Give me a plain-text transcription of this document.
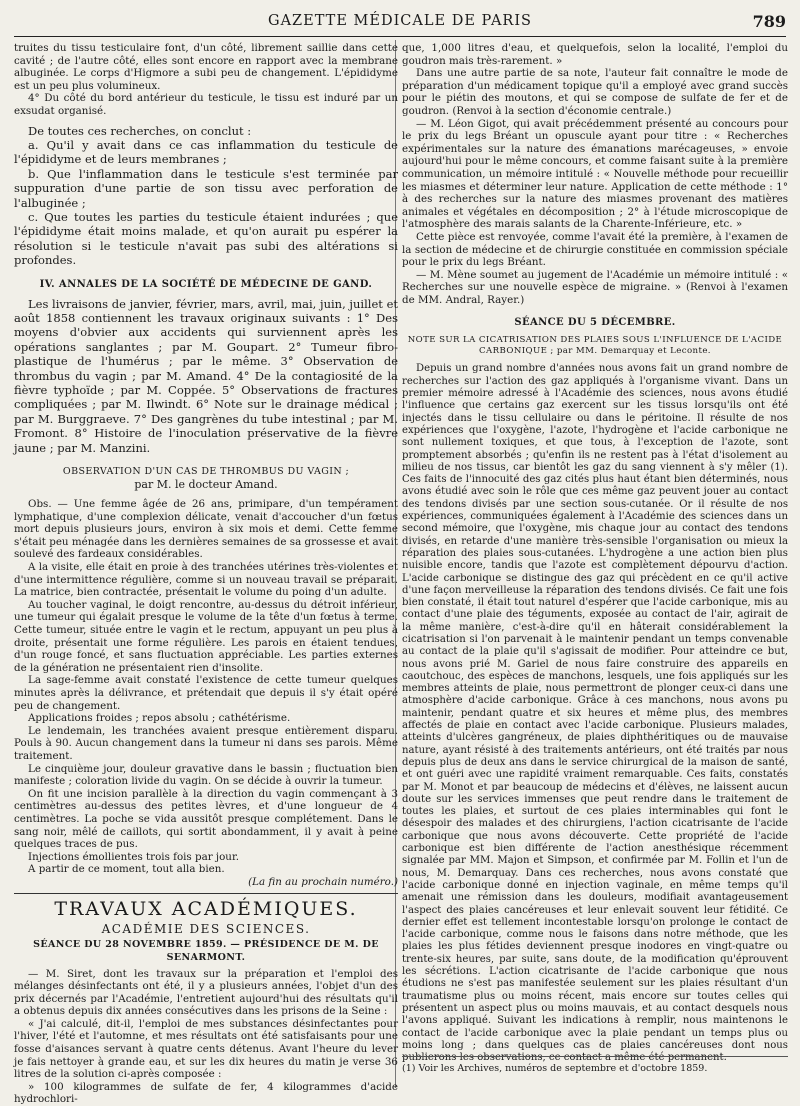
GAZETTE MÉDICALE DE PARIS	789

truites du tissu testiculaire font, d'un côté, librement saillie dans cette cavité ; de l'autre côté, elles sont encore en rapport avec la membrane albuginée. Le corps d'Higmore a subi peu de changement. L'épididyme est un peu plus volumineux.

4° Du côté du bord antérieur du testicule, le tissu est induré par un exsudat organisé.

De toutes ces recherches, on conclut :

a. Qu'il y avait dans ce cas inflammation du testicule de l'épididyme et de leurs membranes ;

b. Que l'inflammation dans le testicule s'est terminée par suppuration d'une partie de son tissu avec perforation de l'albuginée ;

c. Que toutes les parties du testicule étaient indurées ; que l'épididyme était moins malade, et qu'on aurait pu espérer la résolution si le testicule n'avait pas subi des altérations si profondes.

IV. ANNALES DE LA SOCIÉTÉ DE MÉDECINE DE GAND.

Les livraisons de janvier, février, mars, avril, mai, juin, juillet et août 1858 contiennent les travaux originaux suivants : 1° Des moyens d'obvier aux accidents qui surviennent après les opérations sanglantes ; par M. Goupart. 2° Tumeur fibro-plastique de l'humérus ; par le même. 3° Observation de thrombus du vagin ; par M. Amand. 4° De la contagiosité de la fièvre typhoïde ; par M. Coppée. 5° Observations de fractures compliquées ; par M. Ilwindt. 6° Note sur le drainage médical ; par M. Burggraeve. 7° Des gangrènes du tube intestinal ; par M. Fromont. 8° Histoire de l'inoculation préservative de la fièvre jaune ; par M. Manzini.

OBSERVATION D'UN CAS DE THROMBUS DU VAGIN ;
par M. le docteur Amand.

Obs. — Une femme âgée de 26 ans, primipare, d'un tempérament lymphatique, d'une complexion délicate, venait d'accoucher d'un fœtus mort depuis plusieurs jours, environ à six mois et demi. Cette femme s'était peu ménagée dans les dernières semaines de sa grossesse et avait soulevé des fardeaux considérables.

A la visite, elle était en proie à des tranchées utérines très-violentes et d'une intermittence régulière, comme si un nouveau travail se préparait. La matrice, bien contractée, présentait le volume du poing d'un adulte.

Au toucher vaginal, le doigt rencontre, au-dessus du détroit inférieur, une tumeur qui égalait presque le volume de la tête d'un fœtus à terme. Cette tumeur, située entre le vagin et le rectum, appuyant un peu plus à droite, présentait une forme régulière. Les parois en étaient tendues, d'un rouge foncé, et sans fluctuation appréciable. Les parties externes de la génération ne présentaient rien d'insolite.

La sage-femme avait constaté l'existence de cette tumeur quelques minutes après la délivrance, et prétendait que depuis il s'y était opéré peu de changement.

Applications froides ; repos absolu ; cathétérisme.

Le lendemain, les tranchées avaient presque entièrement disparu. Pouls à 90. Aucun changement dans la tumeur ni dans ses parois. Même traitement.

Le cinquième jour, douleur gravative dans le bassin ; fluctuation bien manifeste ; coloration livide du vagin. On se décide à ouvrir la tumeur.

On fit une incision parallèle à la direction du vagin commençant à 3 centimètres au-dessus des petites lèvres, et d'une longueur de 4 centimètres. La poche se vida aussitôt presque complétement. Dans le sang noir, mêlé de caillots, qui sortit abondamment, il y avait à peine quelques traces de pus.

Injections émollientes trois fois par jour.

A partir de ce moment, tout alla bien.

(La fin au prochain numéro.)

TRAVAUX ACADÉMIQUES.
ACADÉMIE DES SCIENCES.
SÉANCE DU 28 NOVEMBRE 1859. — PRÉSIDENCE DE M. DE SENARMONT.

— M. Siret, dont les travaux sur la préparation et l'emploi des mélanges désinfectants ont été, il y a plusieurs années, l'objet d'un des prix décernés par l'Académie, l'entretient aujourd'hui des résultats qu'il a obtenus depuis dix années consécutives dans les prisons de la Seine :

« J'ai calculé, dit-il, l'emploi de mes substances désinfectantes pour l'hiver, l'été et l'automne, et mes résultats ont été satisfaisants pour une fosse d'aisances servant à quatre cents détenus. Avant l'heure du lever je fais nettoyer à grande eau, et sur les dix heures du matin je verse 36 litres de la solution ci-après composée :

» 100 kilogrammes de sulfate de fer, 4 kilogrammes d'acide hydrochlori-

que, 1,000 litres d'eau, et quelquefois, selon la localité, l'emploi du goudron mais très-rarement. »

Dans une autre partie de sa note, l'auteur fait connaître le mode de préparation d'un médicament topique qu'il a employé avec grand succès pour le piétin des moutons, et qui se compose de sulfate de fer et de goudron. (Renvoi à la section d'économie centrale.)

— M. Léon Gigot, qui avait précédemment présenté au concours pour le prix du legs Bréant un opuscule ayant pour titre : « Recherches expérimentales sur la nature des émanations marécageuses, » envoie aujourd'hui pour le même concours, et comme faisant suite à la première communication, un mémoire intitulé : « Nouvelle méthode pour recueillir les miasmes et déterminer leur nature. Application de cette méthode : 1° à des recherches sur la nature des miasmes provenant des matières animales et végétales en décomposition ; 2° à l'étude microscopique de l'atmosphère des marais salants de la Charente-Inférieure, etc. »

Cette pièce est renvoyée, comme l'avait été la première, à l'examen de la section de médecine et de chirurgie constituée en commission spéciale pour le prix du legs Bréant.

— M. Mène soumet au jugement de l'Académie un mémoire intitulé : « Recherches sur une nouvelle espèce de migraine. » (Renvoi à l'examen de MM. Andral, Rayer.)

SÉANCE DU 5 DÉCEMBRE.
NOTE SUR LA CICATRISATION DES PLAIES SOUS L'INFLUENCE DE L'ACIDE CARBONIQUE ; par MM. Demarquay et Leconte.

Depuis un grand nombre d'années nous avons fait un grand nombre de recherches sur l'action des gaz appliqués à l'organisme vivant. Dans un premier mémoire adressé à l'Académie des sciences, nous avons étudié l'influence que certains gaz exercent sur les tissus lorsqu'ils ont été injectés dans le tissu cellulaire ou dans le péritoine. Il résulte de nos expériences que l'oxygène, l'azote, l'hydrogène et l'acide carbonique ne sont nullement toxiques, et que tous, à l'exception de l'azote, sont promptement absorbés ; qu'enfin ils ne restent pas à l'état d'isolement au milieu de nos tissus, car bientôt les gaz du sang viennent à s'y mêler (1). Ces faits de l'innocuité des gaz cités plus haut étant bien déterminés, nous avons étudié avec soin le rôle que ces même gaz peuvent jouer au contact des tendons divisés par une section sous-cutanée. Or il résulte de nos expériences, communiquées également à l'Académie des sciences dans un second mémoire, que l'oxygène, mis chaque jour au contact des tendons divisés, en retarde d'une manière très-sensible l'organisation ou mieux la réparation des plaies sous-cutanées. L'hydrogène a une action bien plus nuisible encore, tandis que l'azote est complètement dépourvu d'action. L'acide carbonique se distingue des gaz qui précèdent en ce qu'il active d'une façon merveilleuse la réparation des tendons divisés. Ce fait une fois bien constaté, il était tout naturel d'espérer que l'acide carbonique, mis au contact d'une plaie des téguments, exposée au contact de l'air, agirait de la même manière, c'est-à-dire qu'il en hâterait considérablement la cicatrisation si l'on parvenait à le maintenir pendant un temps convenable au contact de la plaie qu'il s'agissait de modifier. Pour atteindre ce but, nous avons prié M. Gariel de nous faire construire des appareils en caoutchouc, des espèces de manchons, lesquels, une fois appliqués sur les membres atteints de plaie, nous permettront de plonger ceux-ci dans une atmosphère d'acide carbonique. Grâce à ces manchons, nous avons pu maintenir, pendant quatre et six heures et même plus, des membres affectés de plaie en contact avec l'acide carbonique. Plusieurs malades, atteints d'ulcères gangréneux, de plaies diphthéritiques ou de mauvaise nature, ayant résisté à des traitements antérieurs, ont été traités par nous depuis plus de deux ans dans le service chirurgical de la maison de santé, et ont guéri avec une rapidité vraiment remarquable. Ces faits, constatés par M. Monot et par beaucoup de médecins et d'élèves, ne laissent aucun doute sur les services immenses que peut rendre dans le traitement de toutes les plaies, et surtout de ces plaies interminables qui font le désespoir des malades et des chirurgiens, l'action cicatrisante de l'acide carbonique que nous avons découverte. Cette propriété de l'acide carbonique est bien différente de l'action anesthésique récemment signalée par MM. Majon et Simpson, et confirmée par M. Follin et l'un de nous, M. Demarquay. Dans ces recherches, nous avons constaté que l'acide carbonique donné en injection vaginale, en même temps qu'il amenait une rémission dans les douleurs, modifiait avantageusement l'aspect des plaies cancéreuses et leur enlevait souvent leur fétidité. Ce dernier effet est tellement incontestable lorsqu'on prolonge le contact de l'acide carbonique, comme nous le faisons dans notre méthode, que les plaies les plus fétides deviennent presque inodores en vingt-quatre ou trente-six heures, par suite, sans doute, de la modification qu'éprouvent les sécrétions. L'action cicatrisante de l'acide carbonique que nous étudions ne s'est pas manifestée seulement sur les plaies résultant d'un traumatisme plus ou moins récent, mais encore sur toutes celles qui présentent un aspect plus ou moins mauvais, et au contact desquels nous l'avons appliqué. Suivant les indications à remplir, nous maintenons le contact de l'acide carbonique avec la plaie pendant un temps plus ou moins long ; dans quelques cas de plaies cancéreuses dont nous publierons les observations, ce contact a même été permanent.

(1) Voir les Archives, numéros de septembre et d'octobre 1859.
